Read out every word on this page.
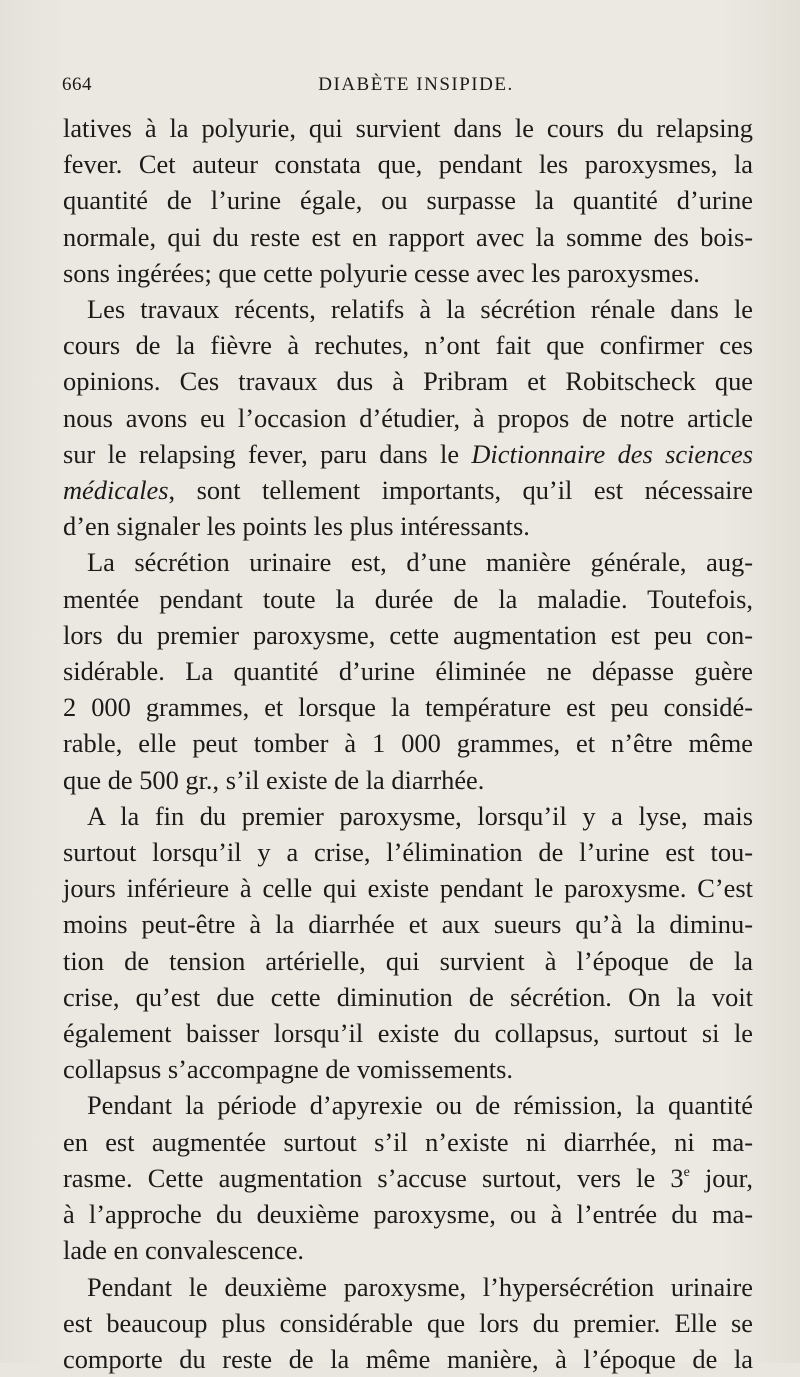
664	DIABÈTE INSIPIDE.

latives à la polyurie, qui survient dans le cours du relapsing
fever. Cet auteur constata que, pendant les paroxysmes, la
quantité de l’urine égale, ou surpasse la quantité d’urine
normale, qui du reste est en rapport avec la somme des bois-
sons ingérées; que cette polyurie cesse avec les paroxysmes.

Les travaux récents, relatifs à la sécrétion rénale dans le
cours de la fièvre à rechutes, n’ont fait que confirmer ces
opinions. Ces travaux dus à Pribram et Robitscheck que
nous avons eu l’occasion d’étudier, à propos de notre article
sur le relapsing fever, paru dans le Dictionnaire des sciences
médicales, sont tellement importants, qu’il est nécessaire
d’en signaler les points les plus intéressants.

La sécrétion urinaire est, d’une manière générale, aug-
mentée pendant toute la durée de la maladie. Toutefois,
lors du premier paroxysme, cette augmentation est peu con-
sidérable. La quantité d’urine éliminée ne dépasse guère
2 000 grammes, et lorsque la température est peu considé-
rable, elle peut tomber à 1 000 grammes, et n’être même
que de 500 gr., s’il existe de la diarrhée.

A la fin du premier paroxysme, lorsqu’il y a lyse, mais
surtout lorsqu’il y a crise, l’élimination de l’urine est tou-
jours inférieure à celle qui existe pendant le paroxysme. C’est
moins peut-être à la diarrhée et aux sueurs qu’à la diminu-
tion de tension artérielle, qui survient à l’époque de la
crise, qu’est due cette diminution de sécrétion. On la voit
également baisser lorsqu’il existe du collapsus, surtout si le
collapsus s’accompagne de vomissements.

Pendant la période d’apyrexie ou de rémission, la quantité
en est augmentée surtout s’il n’existe ni diarrhée, ni ma-
rasme. Cette augmentation s’accuse surtout, vers le 3e jour,
à l’approche du deuxième paroxysme, ou à l’entrée du ma-
lade en convalescence.

Pendant le deuxième paroxysme, l’hypersécrétion urinaire
est beaucoup plus considérable que lors du premier. Elle se
comporte du reste de la même manière, à l’époque de la
